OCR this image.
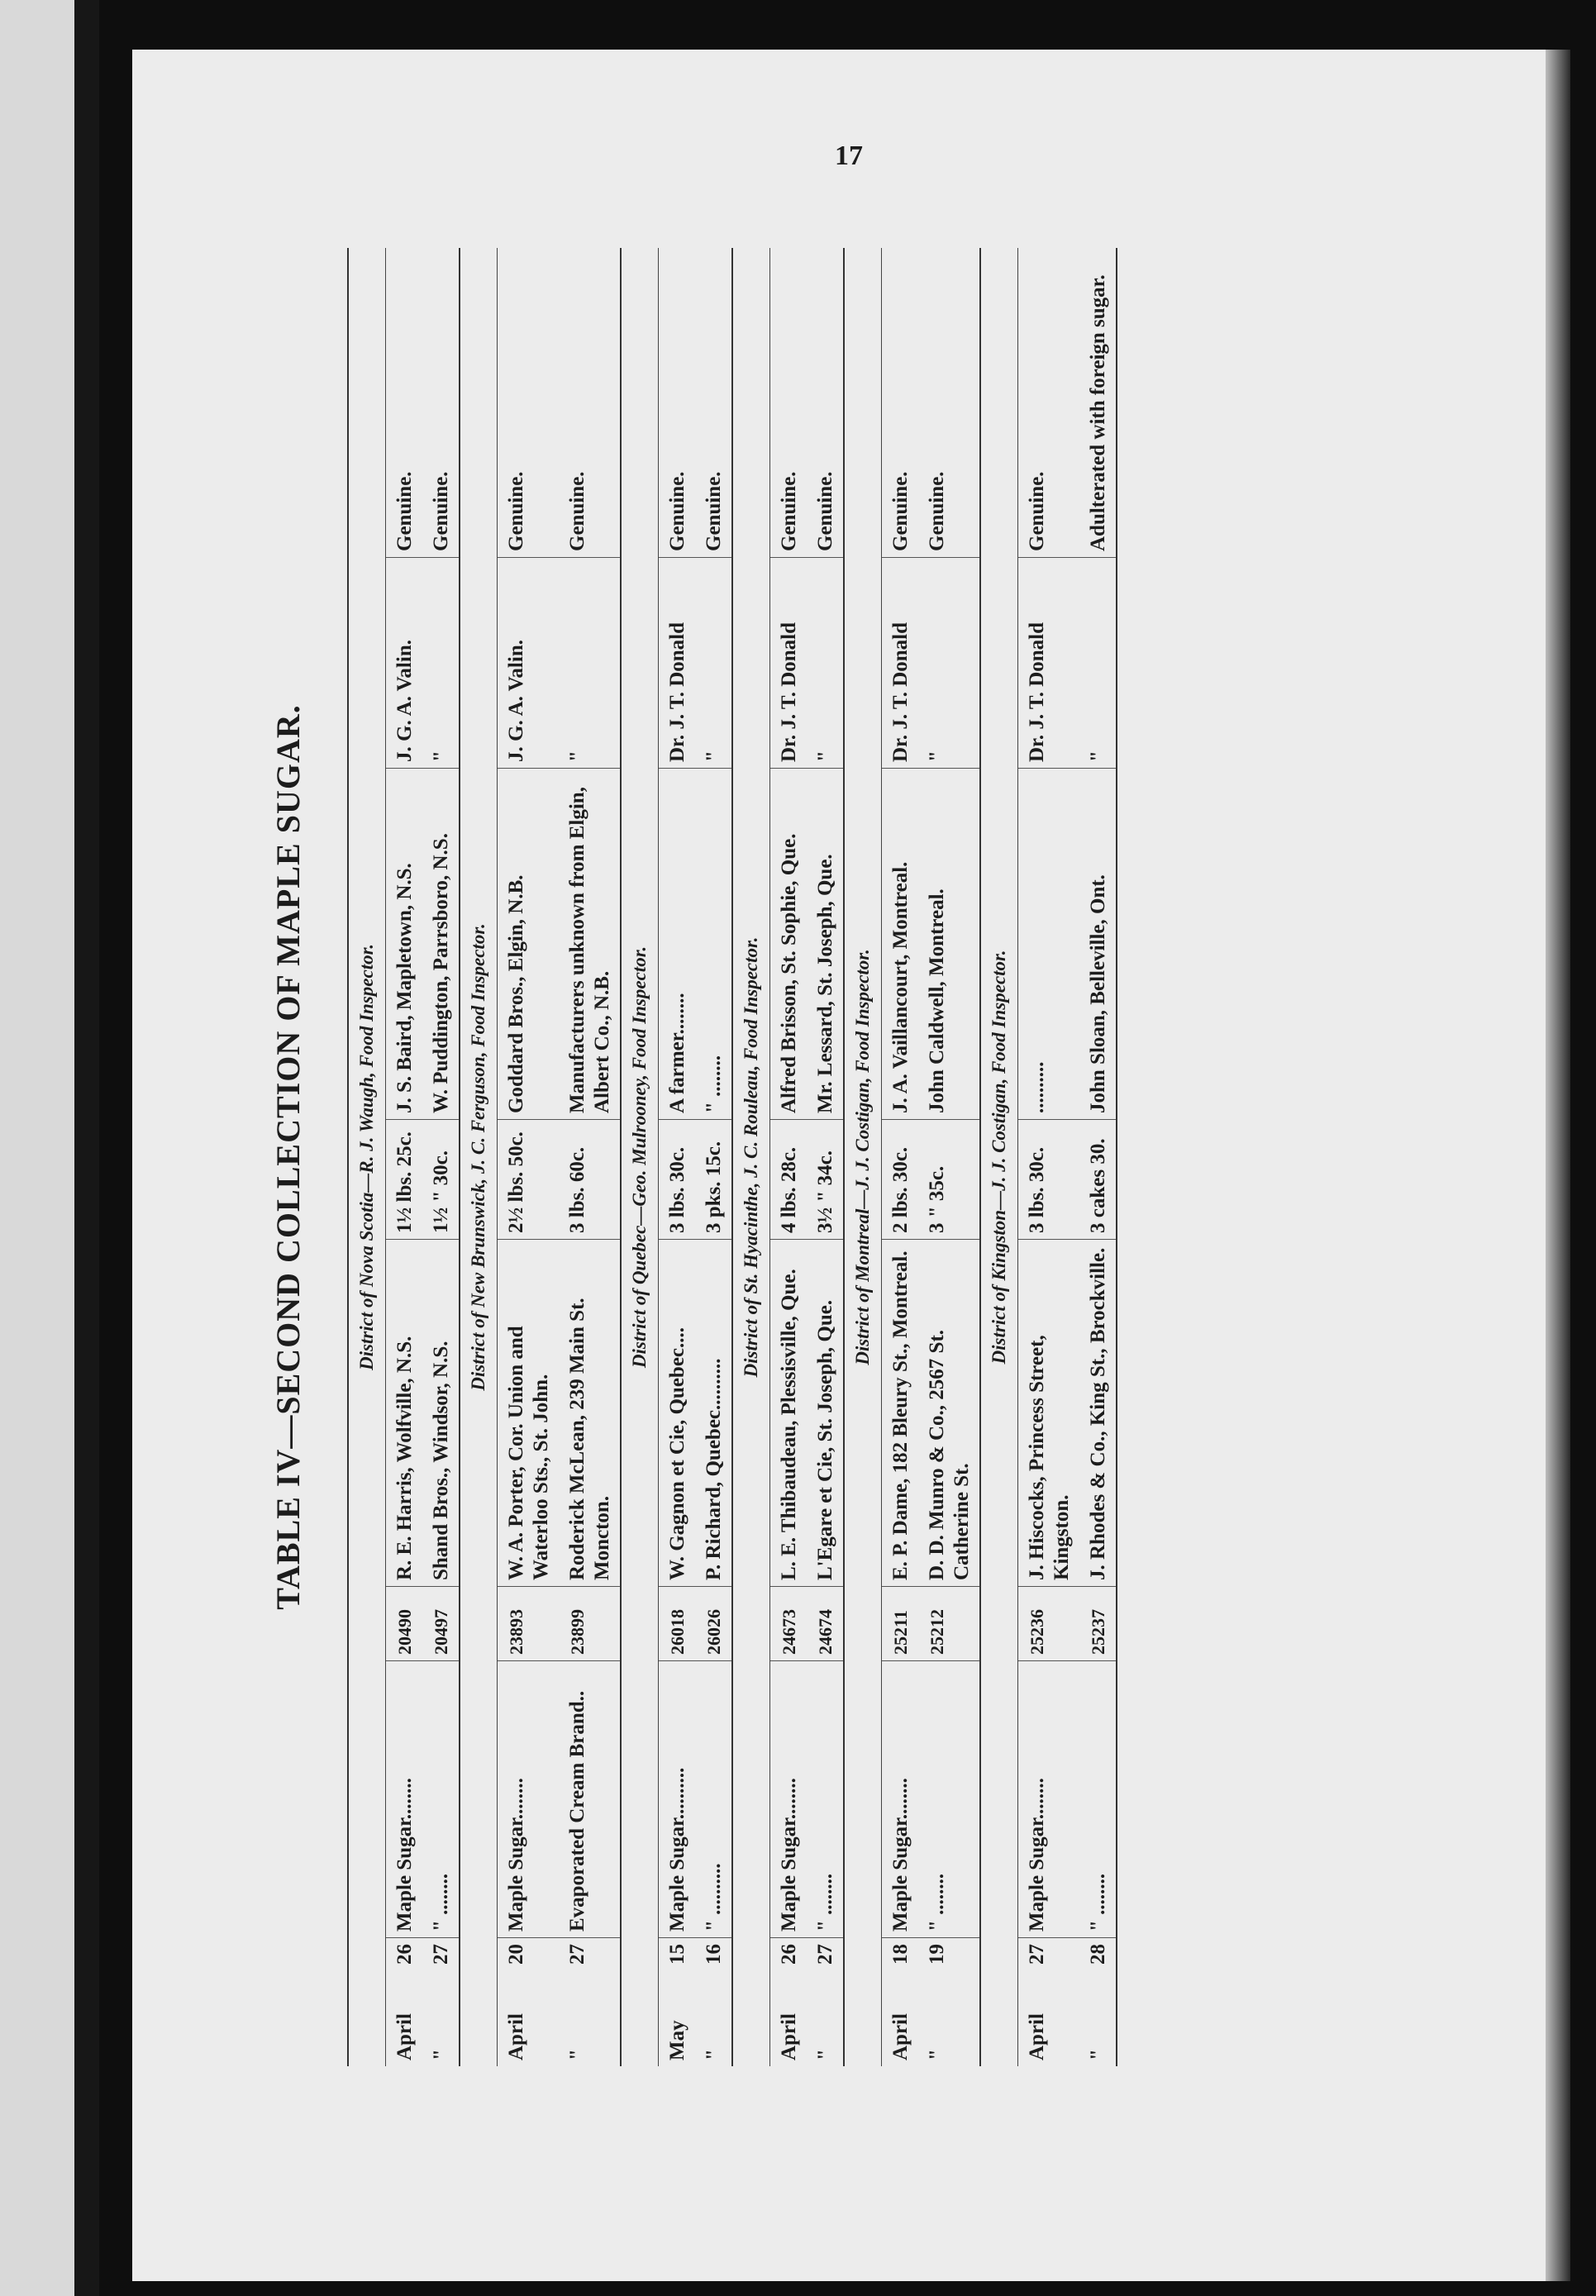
17
TABLE IV—SECOND COLLECTION OF MAPLE SUGAR.	District of Nova Scotia—R. J. Waugh, Food Inspector.
April
26
Maple Sugar........
20490
R. E. Harris, Wolfville, N.S.
1½ lbs. 25c.
J. S. Baird, Mapletown, N.S.
J. G. A. Valin.
Genuine.
"
27
" ........
20497
Shand Bros., Windsor, N.S.
1½ " 30c.
W. Puddington, Parrsboro, N.S.
"
Genuine.
District of New Brunswick, J. C. Ferguson, Food Inspector.
April
20
Maple Sugar........
23893
W. A. Porter, Cor. Union and Waterloo Sts., St. John.
2½ lbs. 50c.
Goddard Bros., Elgin, N.B.
J. G. A. Valin.
Genuine.
"
27
Evaporated Cream Brand..
23899
Roderick McLean, 239 Main St. Moncton.
3 lbs. 60c.
Manufacturers unknown from Elgin, Albert Co., N.B.
"
Genuine.
District of Quebec—Geo. Mulrooney, Food Inspector.
May
15
Maple Sugar..........
26018
W. Gagnon et Cie, Quebec....
3 lbs. 30c.
A farmer........
Dr. J. T. Donald
Genuine.
"
16
" ..........
26026
P. Richard, Quebec..........
3 pks. 15c.
" ........
"
Genuine.
District of St. Hyacinthe, J. C. Rouleau, Food Inspector.
April
26
Maple Sugar........
24673
L. E. Thibaudeau, Plessisville, Que.
4 lbs. 28c.
Alfred Brisson, St. Sophie, Que.
Dr. J. T. Donald
Genuine.
"
27
" ........
24674
L'Egare et Cie, St. Joseph, Que.
3½ " 34c.
Mr. Lessard, St. Joseph, Que.
"
Genuine.
District of Montreal—J. J. Costigan, Food Inspector.
April
18
Maple Sugar........
25211
E. P. Dame, 182 Bleury St., Montreal.
2 lbs. 30c.
J. A. Vaillancourt, Montreal.
Dr. J. T. Donald
Genuine.
"
19
" ........
25212
D. D. Munro & Co., 2567 St. Catherine St.
3 " 35c.
John Caldwell, Montreal.
"
Genuine.
District of Kingston—J. J. Costigan, Food Inspector.
April
27
Maple Sugar........
25236
J. Hiscocks, Princess Street, Kingston.
3 lbs. 30c.
..........
Dr. J. T. Donald
Genuine.
"
28
" ........
25237
J. Rhodes & Co., King St., Brockville.
3 cakes 30.
John Sloan, Belleville, Ont.
"
Adulterated with foreign sugar.
